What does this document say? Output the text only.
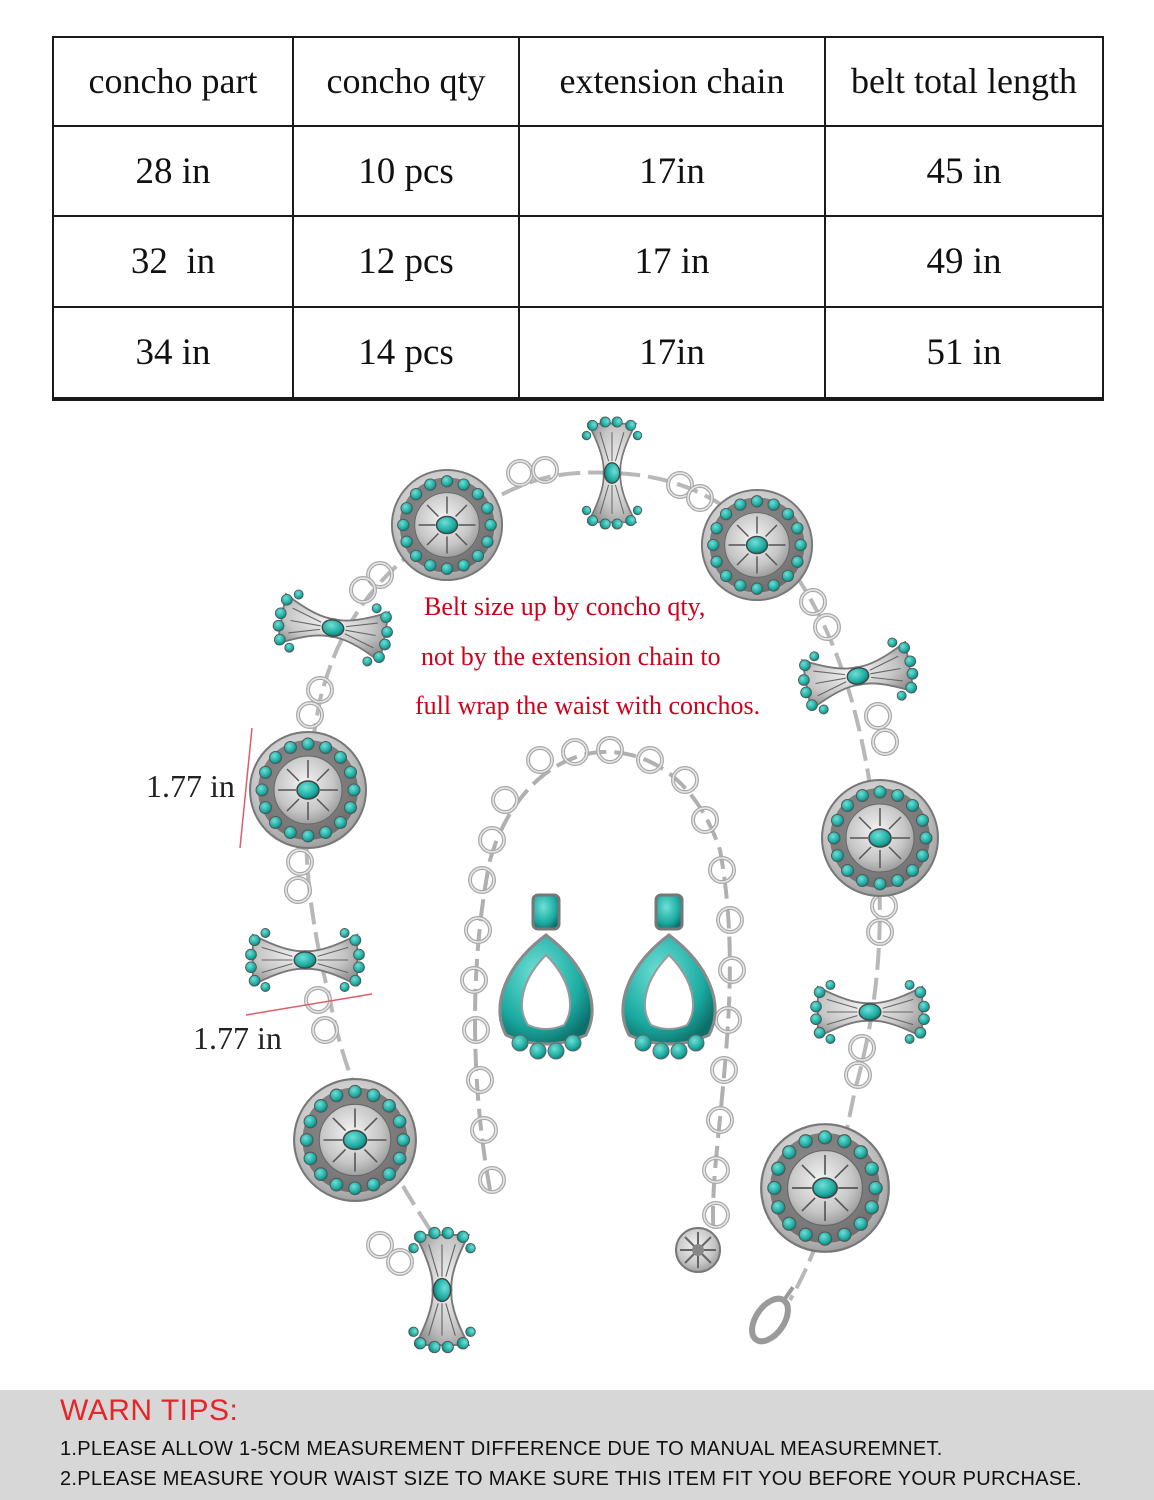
concho part	concho qty	extension chain	belt total length
28 in	10 pcs	17in	45 in
32  in	12 pcs	17 in	49 in
34 in	14 pcs	17in	51 in
Belt size up by concho qty,
not by the extension chain to
full wrap the waist with conchos.
1.77 in
1.77 in
WARN TIPS:
1.PLEASE ALLOW 1-5CM MEASUREMENT DIFFERENCE DUE TO MANUAL MEASUREMNET.
2.PLEASE MEASURE YOUR WAIST SIZE TO MAKE SURE THIS ITEM FIT YOU BEFORE YOUR PURCHASE.
